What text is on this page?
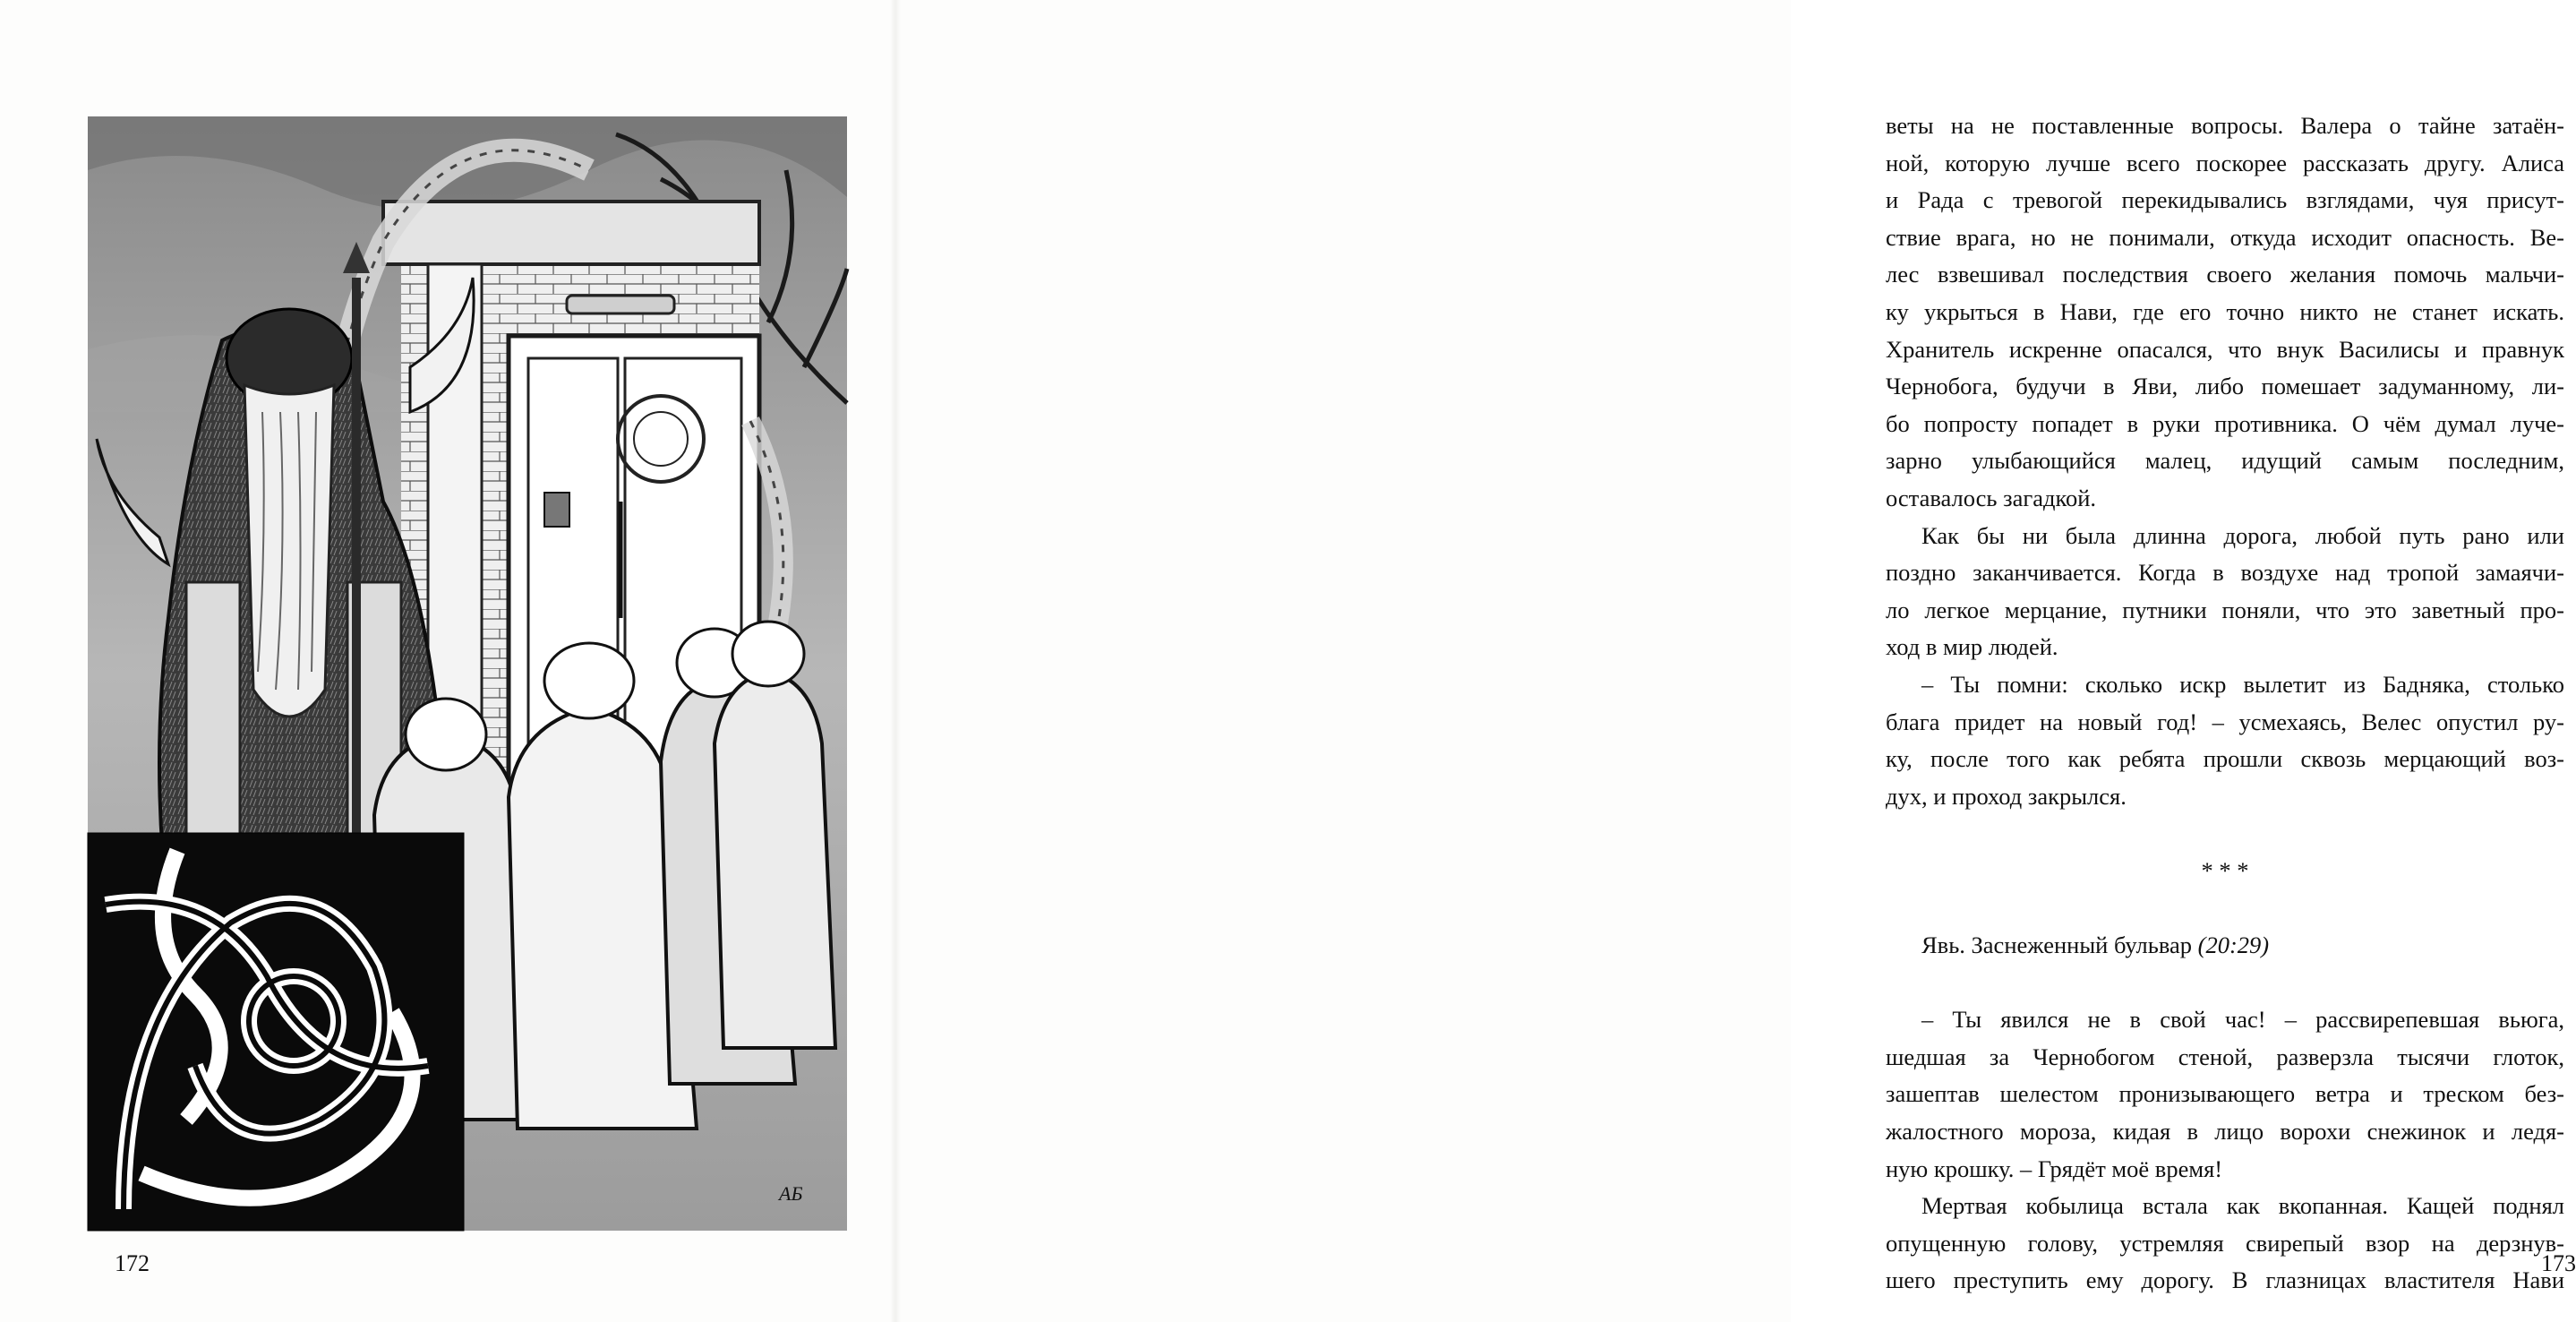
АБ
172
веты на не поставленные вопросы. Валера о тайне затаён-
ной, которую лучше всего поскорее рассказать другу. Алиса
и Рада с тревогой перекидывались взглядами, чуя присут-
ствие врага, но не понимали, откуда исходит опасность. Ве-
лес взвешивал последствия своего желания помочь мальчи-
ку укрыться в Нави, где его точно никто не станет искать.
Хранитель искренне опасался, что внук Василисы и правнук
Чернобога, будучи в Яви, либо помешает задуманному, ли-
бо попросту попадет в руки противника. О чём думал луче-
зарно улыбающийся малец, идущий самым последним,
оставалось загадкой.
Как бы ни была длинна дорога, любой путь рано или
поздно заканчивается. Когда в воздухе над тропой замаячи-
ло легкое мерцание, путники поняли, что это заветный про-
ход в мир людей.
– Ты помни: сколько искр вылетит из Бадняка, столько
блага придет на новый год! – усмехаясь, Велес опустил ру-
ку, после того как ребята прошли сквозь мерцающий воз-
дух, и проход закрылся.
* * *
Явь. Заснеженный бульвар (20:29)
– Ты явился не в свой час! – рассвирепевшая вьюга,
шедшая за Чернобогом стеной, разверзла тысячи глоток,
зашептав шелестом пронизывающего ветра и треском без-
жалостного мороза, кидая в лицо ворохи снежинок и ледя-
ную крошку. – Грядёт моё время!
Мертвая кобылица встала как вкопанная. Кащей поднял
опущенную голову, устремляя свирепый взор на дерзнув-
шего преступить ему дорогу. В глазницах властителя Нави
173
